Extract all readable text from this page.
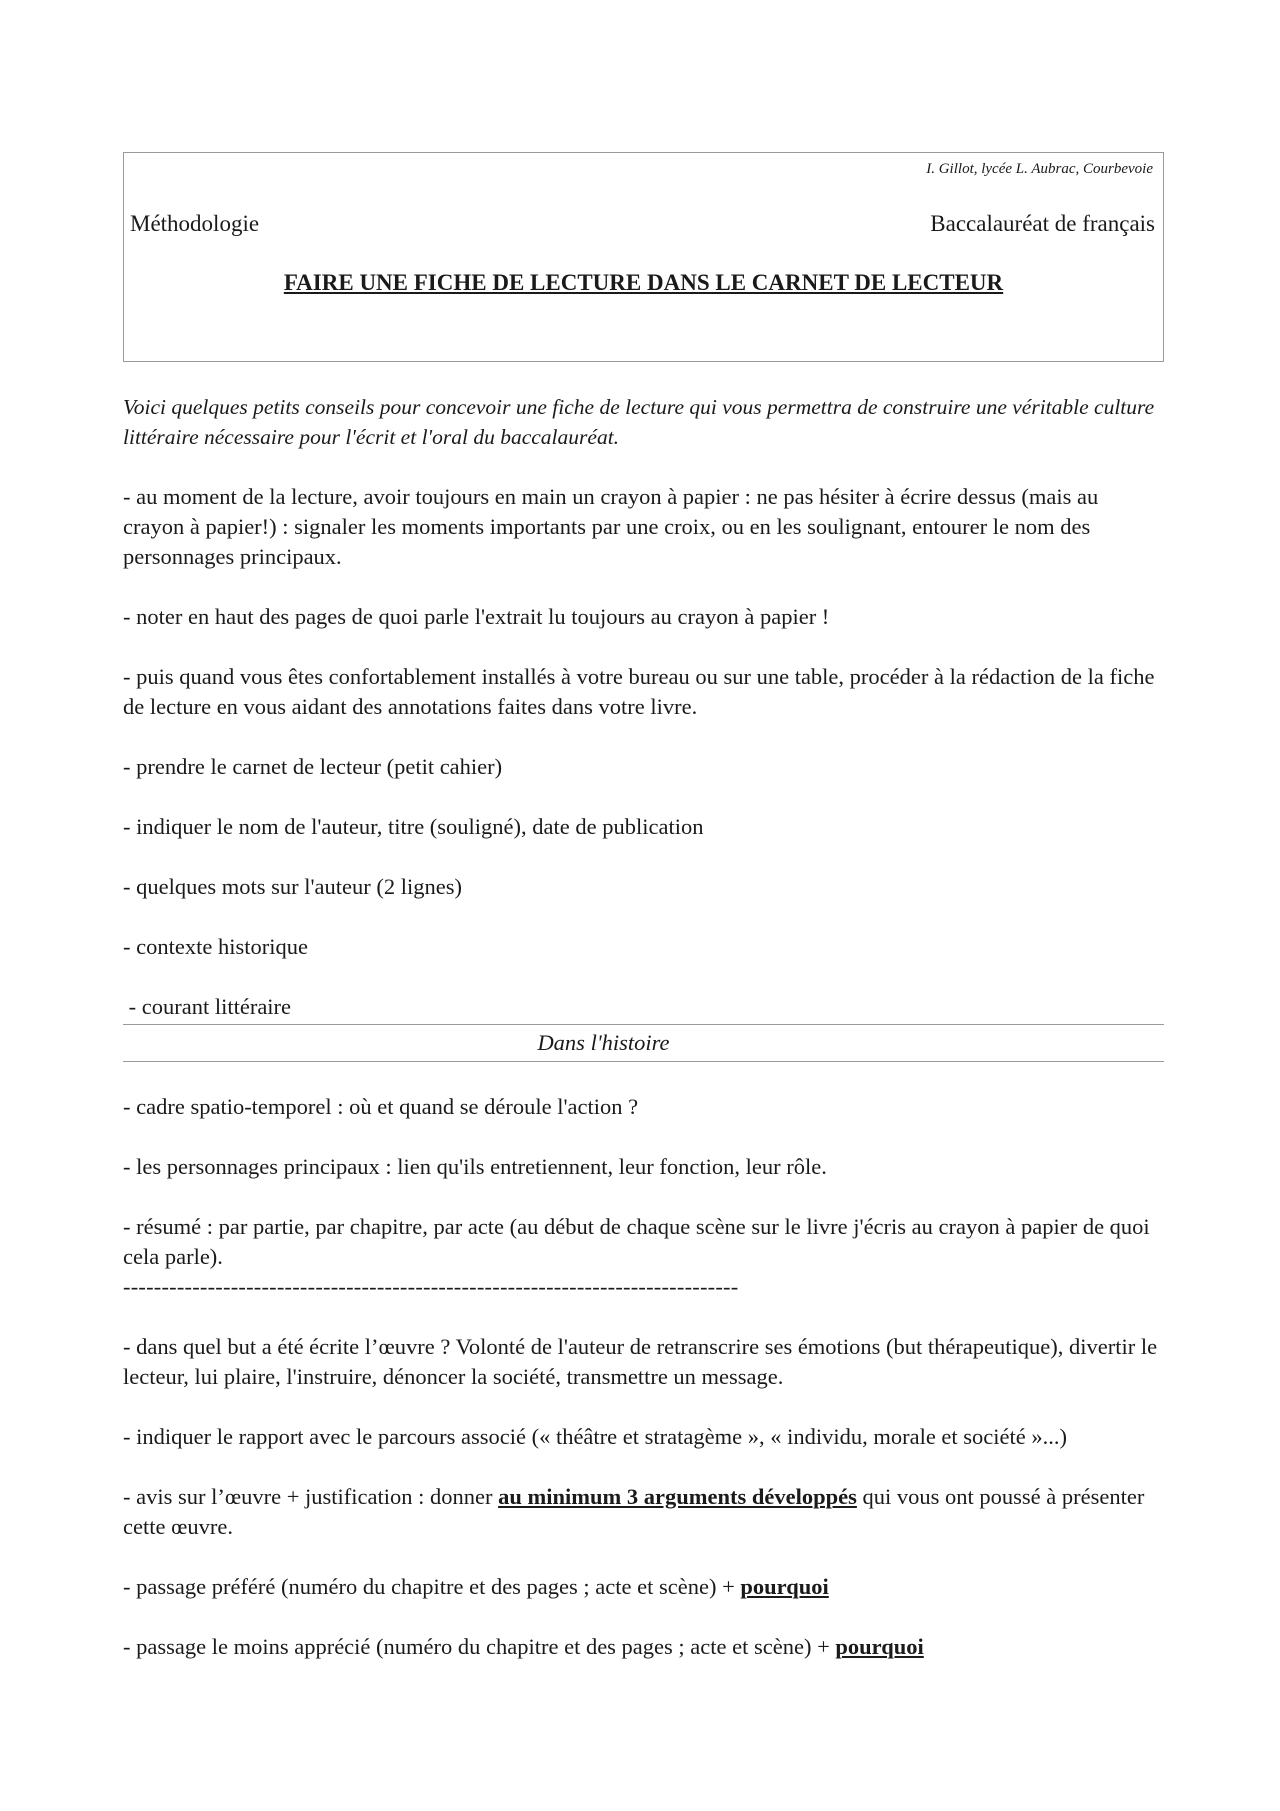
I. Gillot, lycée L. Aubrac, Courbevoie
Méthodologie	Baccalauréat de français
FAIRE UNE FICHE DE LECTURE DANS LE CARNET DE LECTEUR

Voici quelques petits conseils pour concevoir une fiche de lecture qui vous permettra de construire une véritable culture littéraire nécessaire pour l'écrit et l'oral du baccalauréat.

- au moment de la lecture, avoir toujours en main un crayon à papier : ne pas hésiter à écrire dessus (mais au crayon à papier!) : signaler les moments importants par une croix, ou en les soulignant, entourer le nom des personnages principaux.

- noter en haut des pages de quoi parle l'extrait lu toujours au crayon à papier !

- puis quand vous êtes confortablement installés à votre bureau ou sur une table, procéder à la rédaction de la fiche de lecture en vous aidant des annotations faites dans votre livre.

- prendre le carnet de lecteur (petit cahier)

- indiquer le nom de l'auteur, titre (souligné), date de publication

- quelques mots sur l'auteur (2 lignes)

- contexte historique

- courant littéraire

Dans l'histoire

- cadre spatio-temporel : où et quand se déroule l'action ?

- les personnages principaux : lien qu'ils entretiennent, leur fonction, leur rôle.

- résumé : par partie, par chapitre, par acte (au début de chaque scène sur le livre j'écris au crayon à papier de quoi cela parle).

--------------------------------------------------------------------------------

- dans quel but a été écrite l’œuvre ? Volonté de l'auteur de retranscrire ses émotions (but thérapeutique), divertir le lecteur, lui plaire, l'instruire, dénoncer la société, transmettre un message.

- indiquer le rapport avec le parcours associé (« théâtre et stratagème », « individu, morale et société »...)

- avis sur l’œuvre + justification : donner au minimum 3 arguments développés qui vous ont poussé à présenter cette œuvre.

- passage préféré (numéro du chapitre et des pages ; acte et scène) + pourquoi

- passage le moins apprécié (numéro du chapitre et des pages ; acte et scène) + pourquoi
